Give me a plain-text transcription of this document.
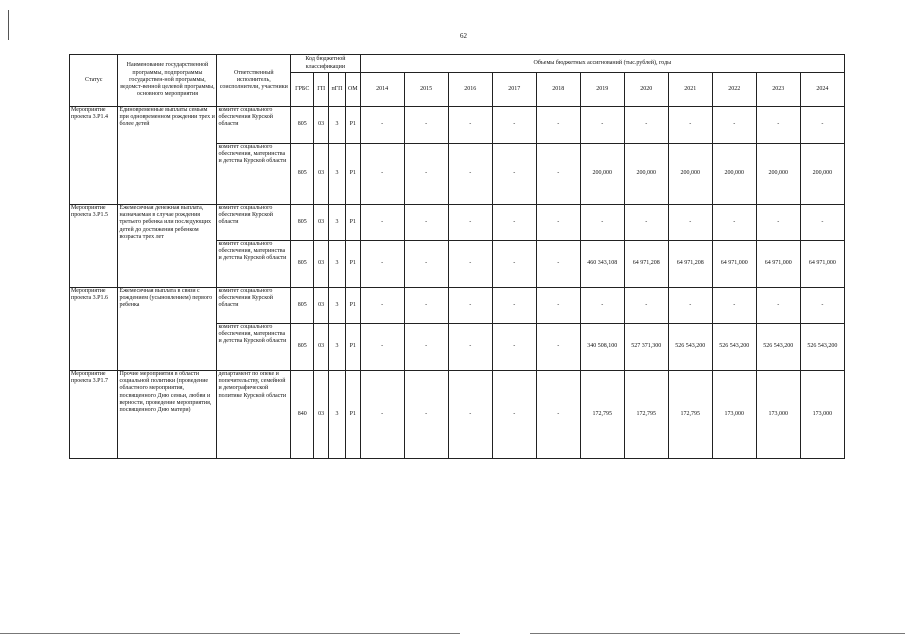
62
Статус	Наименование государственной программы, подпрограммы государствен-ной программы, ведомст-венной целевой программы, основного мероприятия	Ответственный исполнитель, соисполнители, участники	Код бюджетной классификации				Объемы бюджетных ассигнований (тыс.рублей), годы										
			ГРБС	ГП	пГП	ОМ	2014	2015	2016	2017	2018	2019	2020	2021	2022	2023	2024
Мероприятие проекта 3.Р1.4	Единовременные выплаты семьям при одновременном рождении трех и более детей	комитет социального обеспечения Курской области	805	03	3	Р1	-	-	-	-	-	-	-	-	-	-	-
		комитет социального обеспечения, материнства и детства Курской области	805	03	3	Р1	-	-	-	-	-	200,000	200,000	200,000	200,000	200,000	200,000
Мероприятие проекта 3.Р1.5	Ежемесячная денежная выплата, назначаемая в случае рождения третьего ребенка или последующих детей до достижения ребенком возраста трех лет	комитет социального обеспечения Курской области	805	03	3	Р1	-	-	-	-	-	-	-	-	-	-	-
		комитет социального обеспечения, материнства и детства Курской области	805	03	3	Р1	-	-	-	-	-	460 343,108	64 971,208	64 971,208	64 971,000	64 971,000	64 971,000
Мероприятие проекта 3.Р1.6	Ежемесячная выплата в связи с рождением (усыновлением) первого ребенка	комитет социального обеспечения Курской области	805	03	3	Р1	-	-	-	-	-	-	-	-	-	-	-
		комитет социального обеспечения, материнства и детства Курской области	805	03	3	Р1	-	-	-	-	-	340 508,100	527 371,300	526 543,200	526 543,200	526 543,200	526 543,200
Мероприятие проекта 3.Р1.7	Прочие мероприятия в области социальной политики (проведение областного мероприятия, посвященного Дню семьи, любви и верности, проведение мероприятия, посвященного Дню матери)	департамент по опеке и попечительству, семейной и демографической политике Курской области	840	03	3	Р1	-	-	-	-	-	172,795	172,795	172,795	173,000	173,000	173,000
